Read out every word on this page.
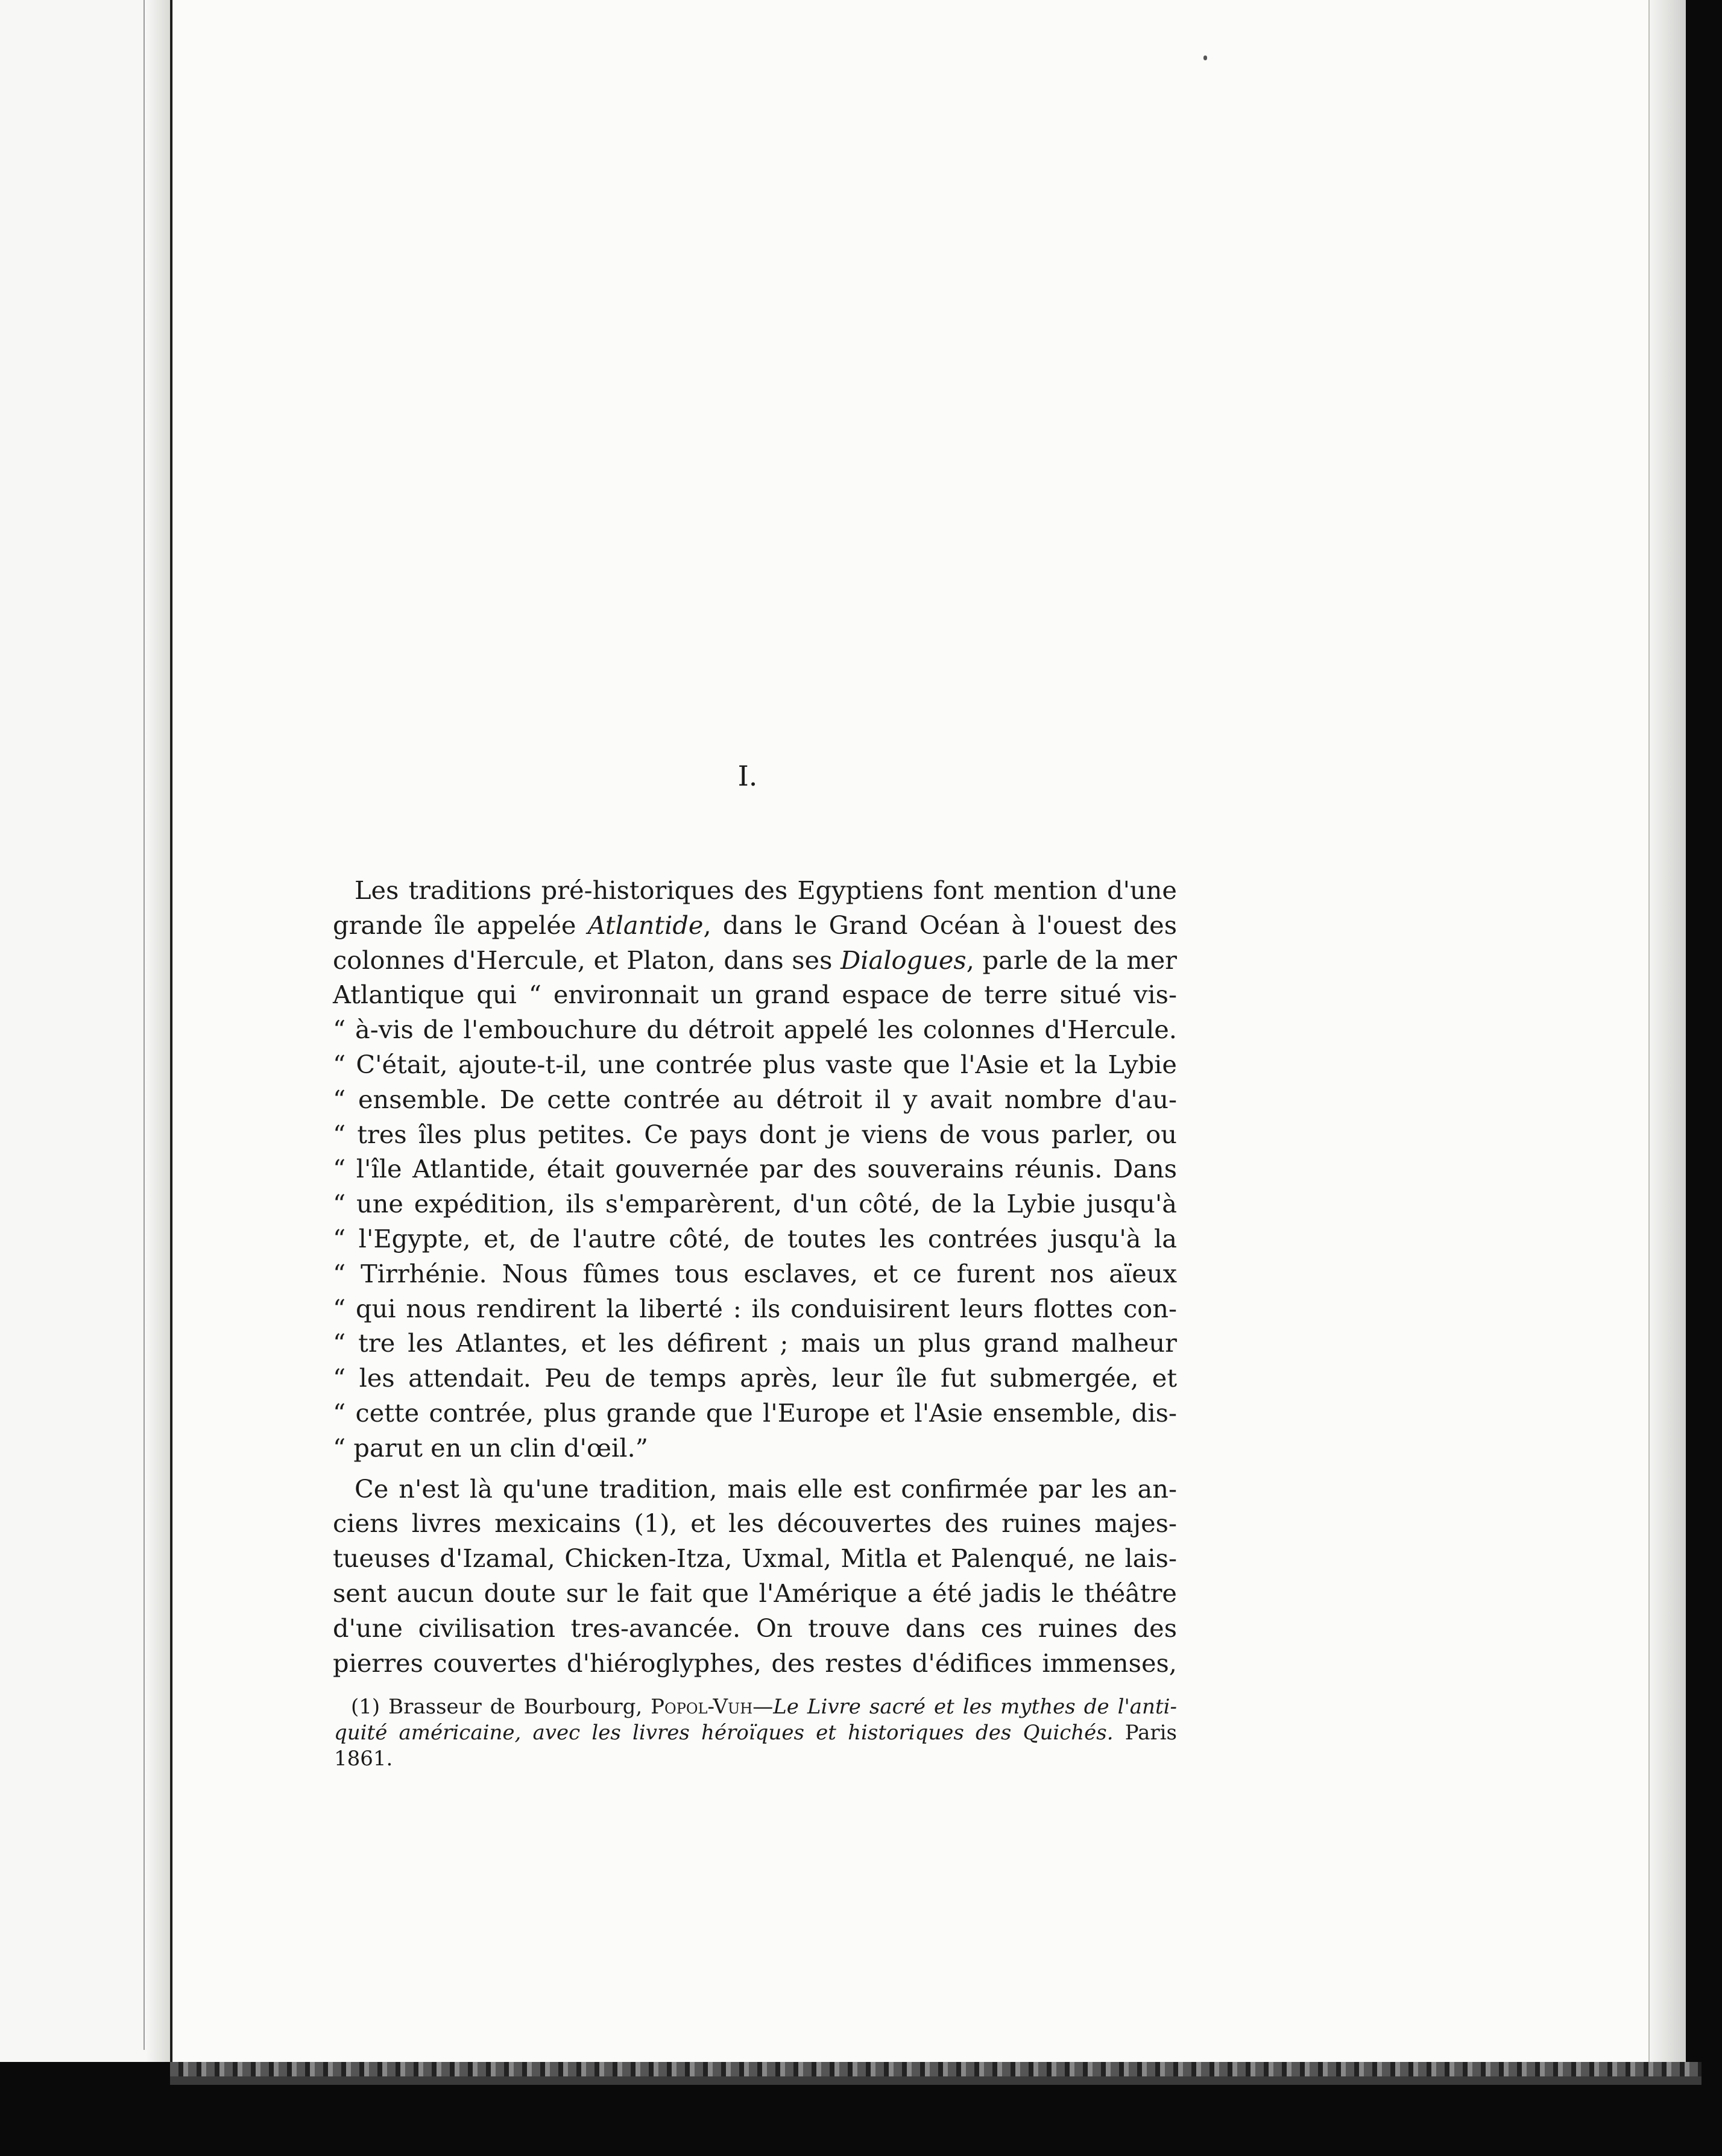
I.
Les traditions pré-historiques des Egyptiens font mention d'une
grande île appelée Atlantide, dans le Grand Océan à l'ouest des
colonnes d'Hercule, et Platon, dans ses Dialogues, parle de la mer
Atlantique qui “ environnait un grand espace de terre situé vis-
“ à-vis de l'embouchure du détroit appelé les colonnes d'Hercule.
“ C'était, ajoute-t-il, une contrée plus vaste que l'Asie et la Lybie
“ ensemble. De cette contrée au détroit il y avait nombre d'au-
“ tres îles plus petites. Ce pays dont je viens de vous parler, ou
“ l'île Atlantide, était gouvernée par des souverains réunis. Dans
“ une expédition, ils s'emparèrent, d'un côté, de la Lybie jusqu'à
“ l'Egypte, et, de l'autre côté, de toutes les contrées jusqu'à la
“ Tirrhénie. Nous fûmes tous esclaves, et ce furent nos aïeux
“ qui nous rendirent la liberté : ils conduisirent leurs flottes con-
“ tre les Atlantes, et les défirent ; mais un plus grand malheur
“ les attendait. Peu de temps après, leur île fut submergée, et
“ cette contrée, plus grande que l'Europe et l'Asie ensemble, dis-
“ parut en un clin d'œil.”
Ce n'est là qu'une tradition, mais elle est confirmée par les an-
ciens livres mexicains (1), et les découvertes des ruines majes-
tueuses d'Izamal, Chicken-Itza, Uxmal, Mitla et Palenqué, ne lais-
sent aucun doute sur le fait que l'Amérique a été jadis le théâtre
d'une civilisation tres-avancée. On trouve dans ces ruines des
pierres couvertes d'hiéroglyphes, des restes d'édifices immenses,
(1) Brasseur de Bourbourg, Popol-Vuh—Le Livre sacré et les mythes de l'anti-
quité américaine, avec les livres héroïques et historiques des Quichés. Paris
1861.
